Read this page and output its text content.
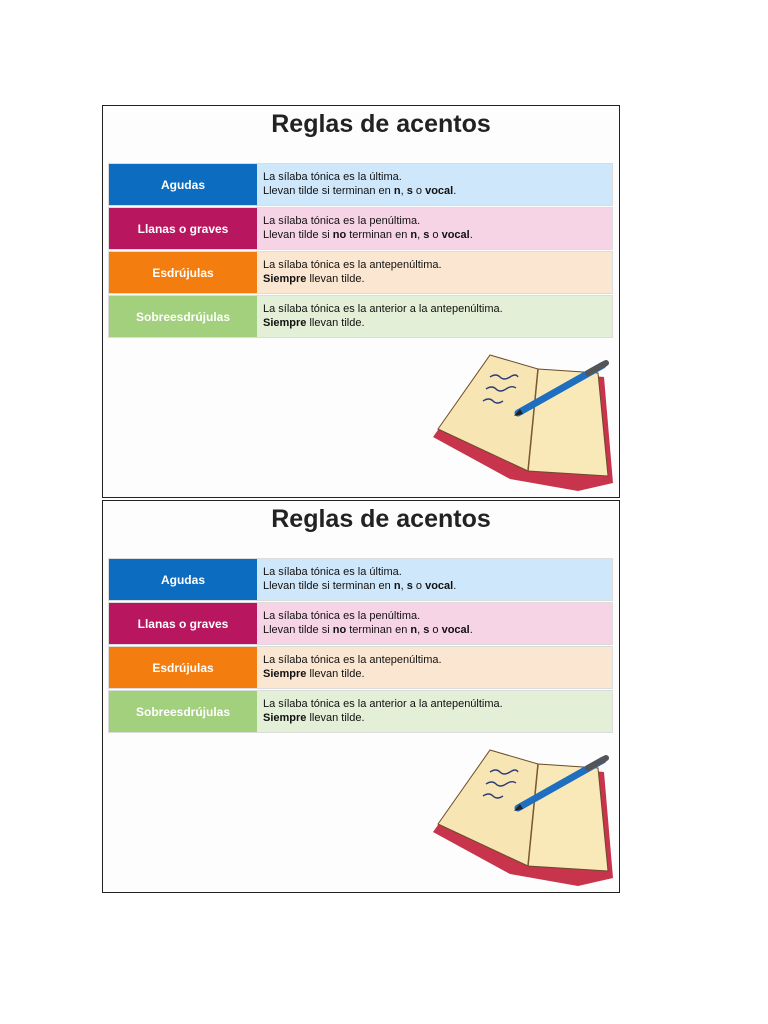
Reglas de acentos
Agudas
La sílaba tónica es la última.
Llevan tilde si terminan en n, s o vocal.
Llanas o graves
La sílaba tónica es la penúltima.
Llevan tilde si no terminan en n, s o vocal.
Esdrújulas
La sílaba tónica es la antepenúltima.
Siempre llevan tilde.
Sobreesdrújulas
La sílaba tónica es la anterior a la antepenúltima.
Siempre llevan tilde.
Reglas de acentos
Agudas
La sílaba tónica es la última.
Llevan tilde si terminan en n, s o vocal.
Llanas o graves
La sílaba tónica es la penúltima.
Llevan tilde si no terminan en n, s o vocal.
Esdrújulas
La sílaba tónica es la antepenúltima.
Siempre llevan tilde.
Sobreesdrújulas
La sílaba tónica es la anterior a la antepenúltima.
Siempre llevan tilde.
